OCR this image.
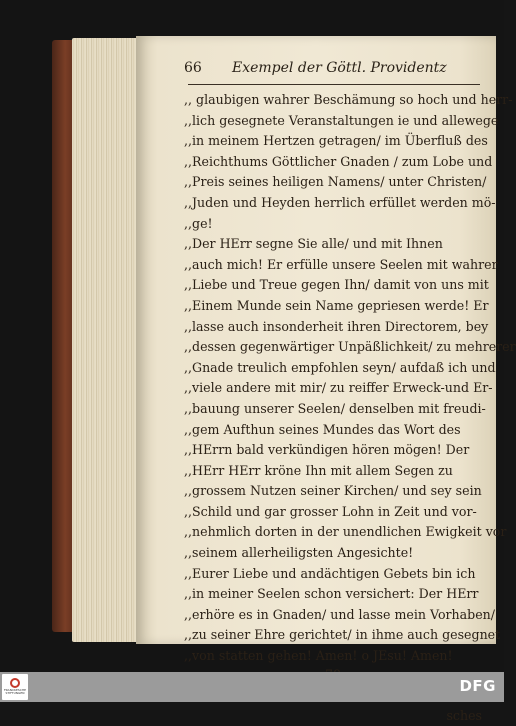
66 Exempel der Göttl. Providentz
,, glaubigen wahrer Beschämung so hoch und herr-
,,lich gesegnete Veranstaltungen ie und allewege
,,in meinem Hertzen getragen/ im Überfluß des
,,Reichthums Göttlicher Gnaden / zum Lobe und
,,Preis seines heiligen Namens/ unter Christen/
,,Juden und Heyden herrlich erfüllet werden mö-
,,ge!
,,Der HErr segne Sie alle/ und mit Ihnen
,,auch mich! Er erfülle unsere Seelen mit wahrer
,,Liebe und Treue gegen Ihn/ damit von uns mit
,,Einem Munde sein Name gepriesen werde! Er
,,lasse auch insonderheit ihren Directorem, bey
,,dessen gegenwärtiger Unpäßlichkeit/ zu mehrerer
,,Gnade treulich empfohlen seyn/ aufdaß ich und
,,viele andere mit mir/ zu reiffer Erweck-und Er-
,,bauung unserer Seelen/ denselben mit freudi-
,,gem Aufthun seines Mundes das Wort des
,,HErrn bald verkündigen hören mögen! Der
,,HErr HErr kröne Ihn mit allem Segen zu
,,grossem Nutzen seiner Kirchen/ und sey sein
,,Schild und gar grosser Lohn in Zeit und vor-
,,nehmlich dorten in der unendlichen Ewigkeit vor
,,seinem allerheiligsten Angesichte!
,,Eurer Liebe und andächtigen Gebets bin ich
,,in meiner Seelen schon versichert: Der HErr
,,erhöre es in Gnaden/ und lasse mein Vorhaben/
,,zu seiner Ehre gerichtet/ in ihme auch gesegnet
,,von statten gehen! Amen! o JEsu! Amen!
sches
FRANCKESCHE STIFTUNGEN	DFG
